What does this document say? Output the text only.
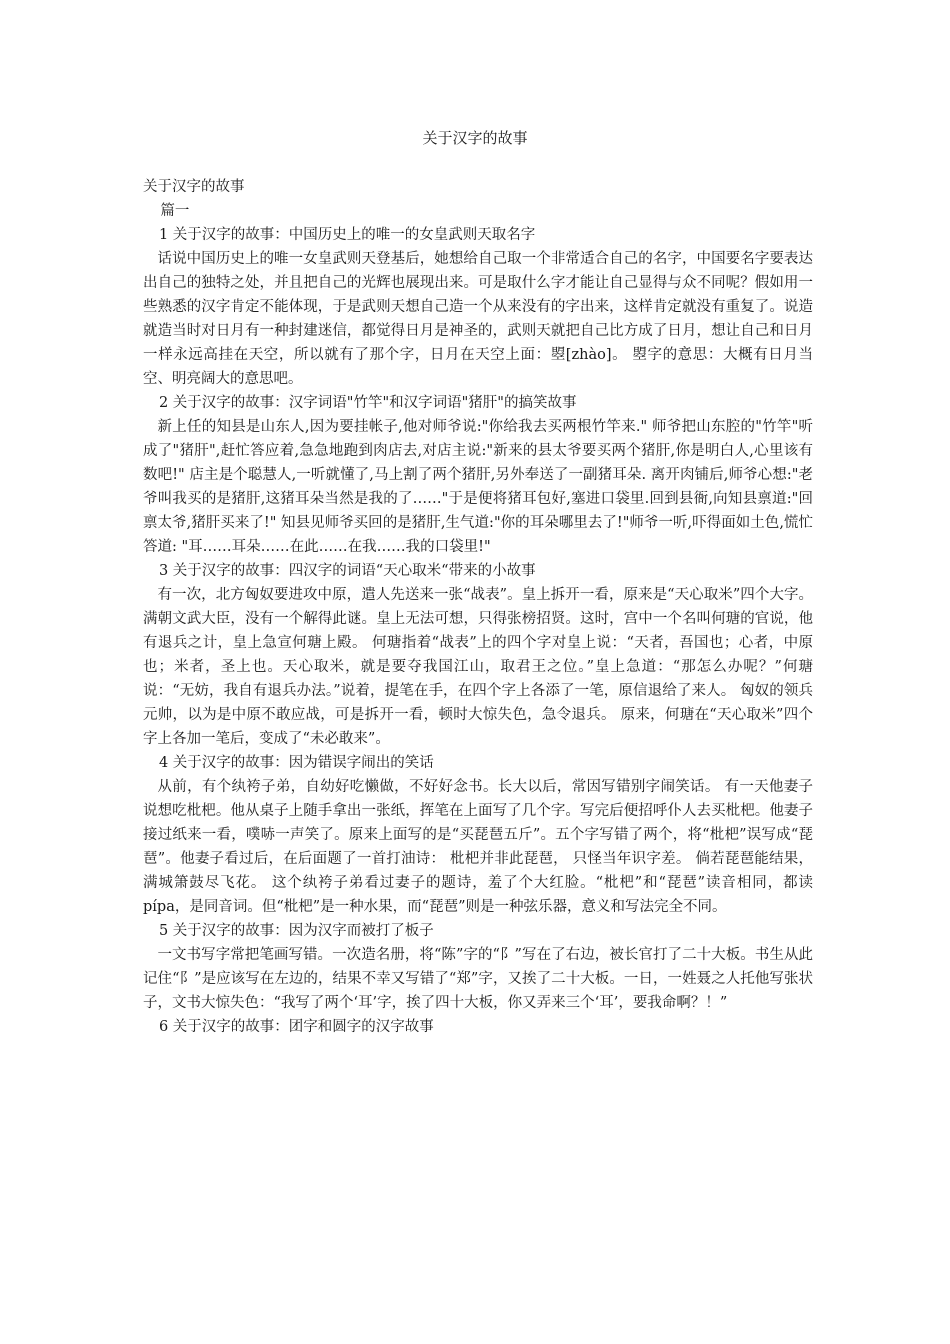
关于汉字的故事
关于汉字的故事
篇一
1 关于汉字的故事：中国历史上的唯一的女皇武则天取名字
话说中国历史上的唯一女皇武则天登基后，她想给自己取一个非常适合自己的名字，中国要名字要表达出自己的独特之处，并且把自己的光辉也展现出来。可是取什么字才能让自己显得与众不同呢？假如用一些熟悉的汉字肯定不能体现，于是武则天想自己造一个从来没有的字出来，这样肯定就没有重复了。说造就造当时对日月有一种封建迷信，都觉得日月是神圣的，武则天就把自己比方成了日月，想让自己和日月一样永远高挂在天空，所以就有了那个字，日月在天空上面：曌[zhào]。 曌字的意思：大概有日月当空、明亮阔大的意思吧。
2 关于汉字的故事：汉字词语"竹竿"和汉字词语"猪肝"的搞笑故事
新上任的知县是山东人,因为要挂帐子,他对师爷说:"你给我去买两根竹竿来." 师爷把山东腔的"竹竿"听成了"猪肝",赶忙答应着,急急地跑到肉店去,对店主说:"新来的县太爷要买两个猪肝,你是明白人,心里该有数吧!" 店主是个聪慧人,一听就懂了,马上割了两个猪肝,另外奉送了一副猪耳朵. 离开肉铺后,师爷心想:"老爷叫我买的是猪肝,这猪耳朵当然是我的了……"于是便将猪耳包好,塞进口袋里.回到县衙,向知县禀道:"回禀太爷,猪肝买来了!" 知县见师爷买回的是猪肝,生气道:"你的耳朵哪里去了!"师爷一听,吓得面如土色,慌忙答道: "耳……耳朵……在此……在我……我的口袋里!"
3 关于汉字的故事：四汉字的词语“天心取米“带来的小故事
有一次，北方匈奴要进攻中原，遣人先送来一张“战表”。皇上拆开一看，原来是“天心取米”四个大字。满朝文武大臣，没有一个解得此谜。皇上无法可想，只得张榜招贤。这时，宫中一个名叫何瑭的官说，他有退兵之计，皇上急宣何瑭上殿。 何瑭指着“战表”上的四个字对皇上说：“天者，吾国也；心者，中原也；米者，圣上也。天心取米，就是要夺我国江山，取君王之位。”皇上急道：“那怎么办呢？”何瑭说：“无妨，我自有退兵办法。”说着，提笔在手，在四个字上各添了一笔，原信退给了来人。 匈奴的领兵元帅，以为是中原不敢应战，可是拆开一看，顿时大惊失色，急令退兵。 原来，何瑭在“天心取米”四个字上各加一笔后，变成了“未必敢来”。
4 关于汉字的故事：因为错误字闹出的笑话
从前，有个纨袴子弟，自幼好吃懒做，不好好念书。长大以后，常因写错别字闹笑话。 有一天他妻子说想吃枇杷。他从桌子上随手拿出一张纸，挥笔在上面写了几个字。写完后便招呼仆人去买枇杷。他妻子接过纸来一看，噗哧一声笑了。原来上面写的是“买琵琶五斤”。五个字写错了两个，将“枇杷”误写成“琵琶”。他妻子看过后，在后面题了一首打油诗： 枇杷并非此琵琶， 只怪当年识字差。 倘若琵琶能结果， 满城箫鼓尽飞花。 这个纨袴子弟看过妻子的题诗，羞了个大红脸。“枇杷”和“琵琶”读音相同，都读pípa，是同音词。但“枇杷”是一种水果，而“琵琶”则是一种弦乐器，意义和写法完全不同。
5 关于汉字的故事：因为汉字而被打了板子
一文书写字常把笔画写错。一次造名册，将“陈”字的“阝”写在了右边，被长官打了二十大板。书生从此记住“阝”是应该写在左边的，结果不幸又写错了“郑”字，又挨了二十大板。一日，一姓聂之人托他写张状子，文书大惊失色：“我写了两个‘耳’字，挨了四十大板，你又弄来三个‘耳’，要我命啊？！”
6 关于汉字的故事：团字和圆字的汉字故事
